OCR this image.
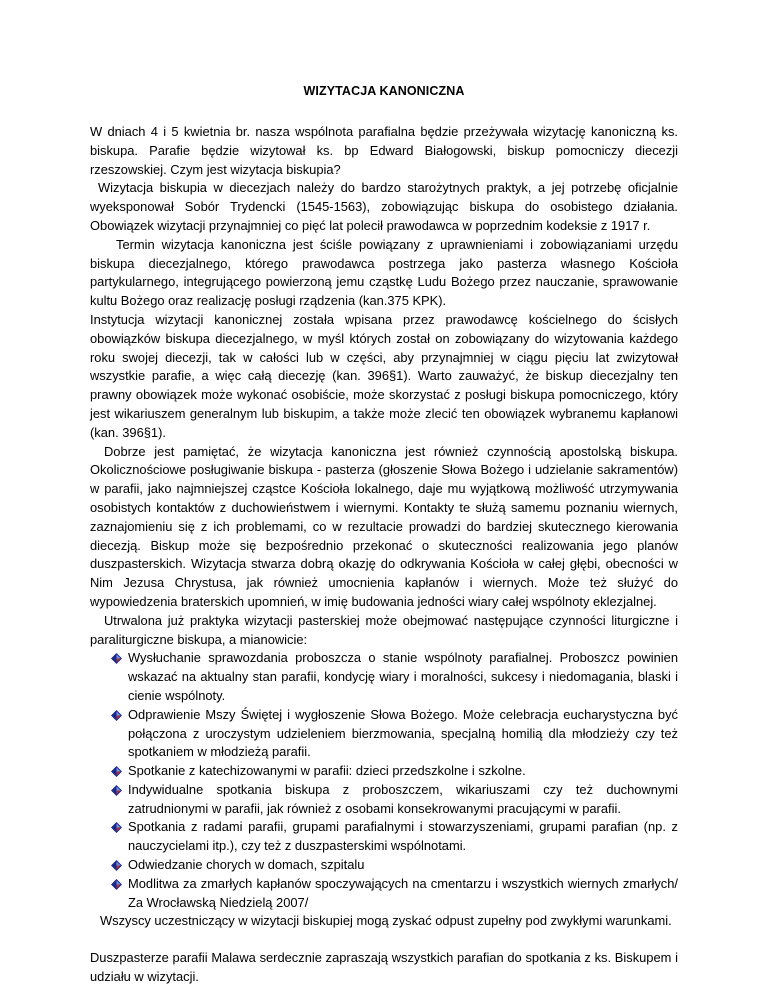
WIZYTACJA KANONICZNA

W dniach 4 i 5 kwietnia br. nasza wspólnota parafialna będzie przeżywała wizytację kanoniczną ks. biskupa. Parafie będzie wizytował ks. bp Edward Białogowski, biskup pomocniczy diecezji rzeszowskiej. Czym jest wizytacja biskupia?

Wizytacja biskupia w diecezjach należy do bardzo starożytnych praktyk, a jej potrzebę oficjalnie wyeksponował Sobór Trydencki (1545-1563), zobowiązując biskupa do osobistego działania. Obowiązek wizytacji przynajmniej co pięć lat polecił prawodawca w poprzednim kodeksie z 1917 r.

Termin wizytacja kanoniczna jest ściśle powiązany z uprawnieniami i zobowiązaniami urzędu biskupa diecezjalnego, którego prawodawca postrzega jako pasterza własnego Kościoła partykularnego, integrującego powierzoną jemu cząstkę Ludu Bożego przez nauczanie, sprawowanie kultu Bożego oraz realizację posługi rządzenia (kan.375 KPK).

Instytucja wizytacji kanonicznej została wpisana przez prawodawcę kościelnego do ścisłych obowiązków biskupa diecezjalnego, w myśl których został on zobowiązany do wizytowania każdego roku swojej diecezji, tak w całości lub w części, aby przynajmniej w ciągu pięciu lat zwizytował wszystkie parafie, a więc całą diecezję (kan. 396§1). Warto zauważyć, że biskup diecezjalny ten prawny obowiązek może wykonać osobiście, może skorzystać z posługi biskupa pomocniczego, który jest wikariuszem generalnym lub biskupim, a także może zlecić ten obowiązek wybranemu kapłanowi (kan. 396§1).

Dobrze jest pamiętać, że wizytacja kanoniczna jest również czynnością apostolską biskupa. Okolicznościowe posługiwanie biskupa - pasterza (głoszenie Słowa Bożego i udzielanie sakramentów) w parafii, jako najmniejszej cząstce Kościoła lokalnego, daje mu wyjątkową możliwość utrzymywania osobistych kontaktów z duchowieństwem i wiernymi. Kontakty te służą samemu poznaniu wiernych, zaznajomieniu się z ich problemami, co w rezultacie prowadzi do bardziej skutecznego kierowania diecezją. Biskup może się bezpośrednio przekonać o skuteczności realizowania jego planów duszpasterskich. Wizytacja stwarza dobrą okazję do odkrywania Kościoła w całej głębi, obecności w Nim Jezusa Chrystusa, jak również umocnienia kapłanów i wiernych. Może też służyć do wypowiedzenia braterskich upomnień, w imię budowania jedności wiary całej wspólnoty eklezjalnej.

Utrwalona już praktyka wizytacji pasterskiej może obejmować następujące czynności liturgiczne i paraliturgiczne biskupa, a mianowicie:

Wysłuchanie sprawozdania proboszcza o stanie wspólnoty parafialnej. Proboszcz powinien wskazać na aktualny stan parafii, kondycję wiary i moralności, sukcesy i niedomagania, blaski i cienie wspólnoty.
Odprawienie Mszy Świętej i wygłoszenie Słowa Bożego. Może celebracja eucharystyczna być połączona z uroczystym udzieleniem bierzmowania, specjalną homilią dla młodzieży czy też spotkaniem w młodzieżą parafii.
Spotkanie z katechizowanymi w parafii: dzieci przedszkolne i szkolne.
Indywidualne spotkania biskupa z proboszczem, wikariuszami czy też duchownymi zatrudnionymi w parafii, jak również z osobami konsekrowanymi pracującymi w parafii.
Spotkania z radami parafii, grupami parafialnymi i stowarzyszeniami, grupami parafian (np. z nauczycielami itp.), czy też z duszpasterskimi wspólnotami.
Odwiedzanie chorych w domach, szpitalu
Modlitwa za zmarłych kapłanów spoczywających na cmentarzu i wszystkich wiernych zmarłych/ Za Wrocławską Niedzielą 2007/

Wszyscy uczestniczący w wizytacji biskupiej mogą zyskać odpust zupełny pod zwykłymi warunkami.

Duszpasterze parafii Malawa serdecznie zapraszają wszystkich parafian do spotkania z ks. Biskupem i udziału w wizytacji.
